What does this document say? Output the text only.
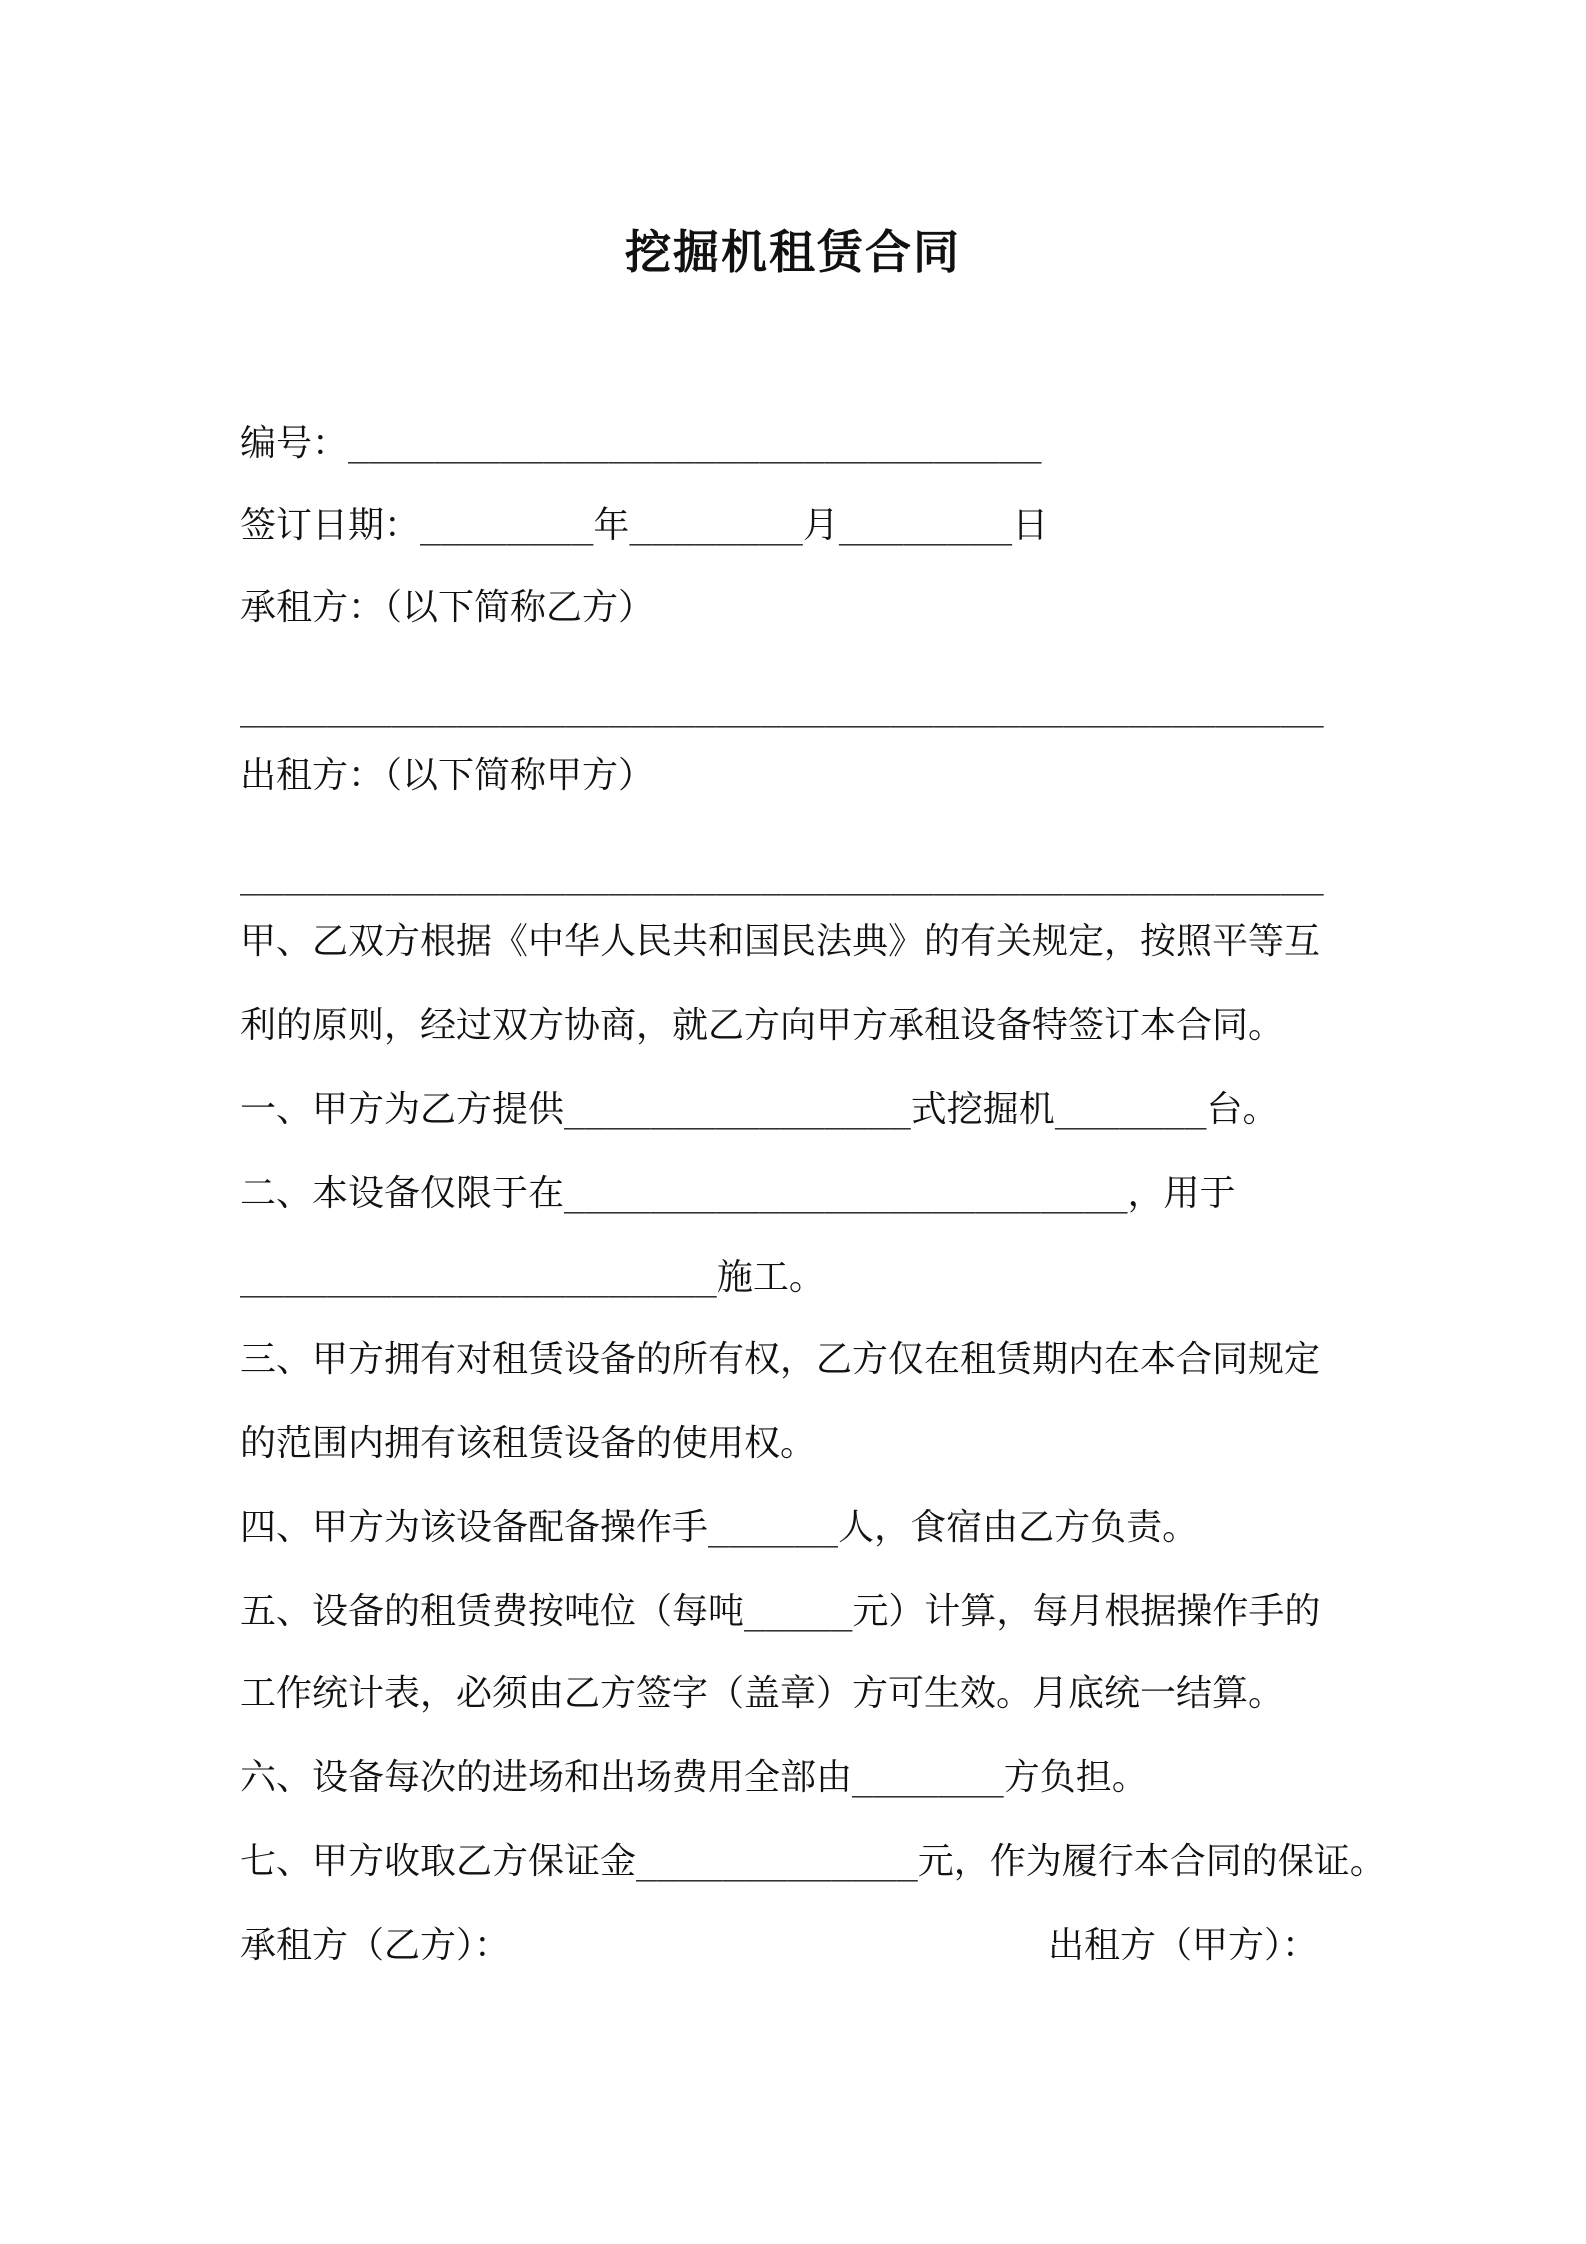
挖掘机租赁合同
编号：________________________________
签订日期：________年________月________日
承租方：（以下简称乙方）
__________________________________________________
出租方：（以下简称甲方）
__________________________________________________
甲、乙双方根据《中华人民共和国民法典》的有关规定，按照平等互
利的原则，经过双方协商，就乙方向甲方承租设备特签订本合同。
一、甲方为乙方提供________________式挖掘机_______台。
二、本设备仅限于在__________________________，用于
______________________施工。
三、甲方拥有对租赁设备的所有权，乙方仅在租赁期内在本合同规定
的范围内拥有该租赁设备的使用权。
四、甲方为该设备配备操作手______人，食宿由乙方负责。
五、设备的租赁费按吨位（每吨_____元）计算，每月根据操作手的
工作统计表，必须由乙方签字（盖章）方可生效。月底统一结算。
六、设备每次的进场和出场费用全部由_______方负担。
七、甲方收取乙方保证金_____________元，作为履行本合同的保证。
承租方（乙方）：	出租方（甲方）：
